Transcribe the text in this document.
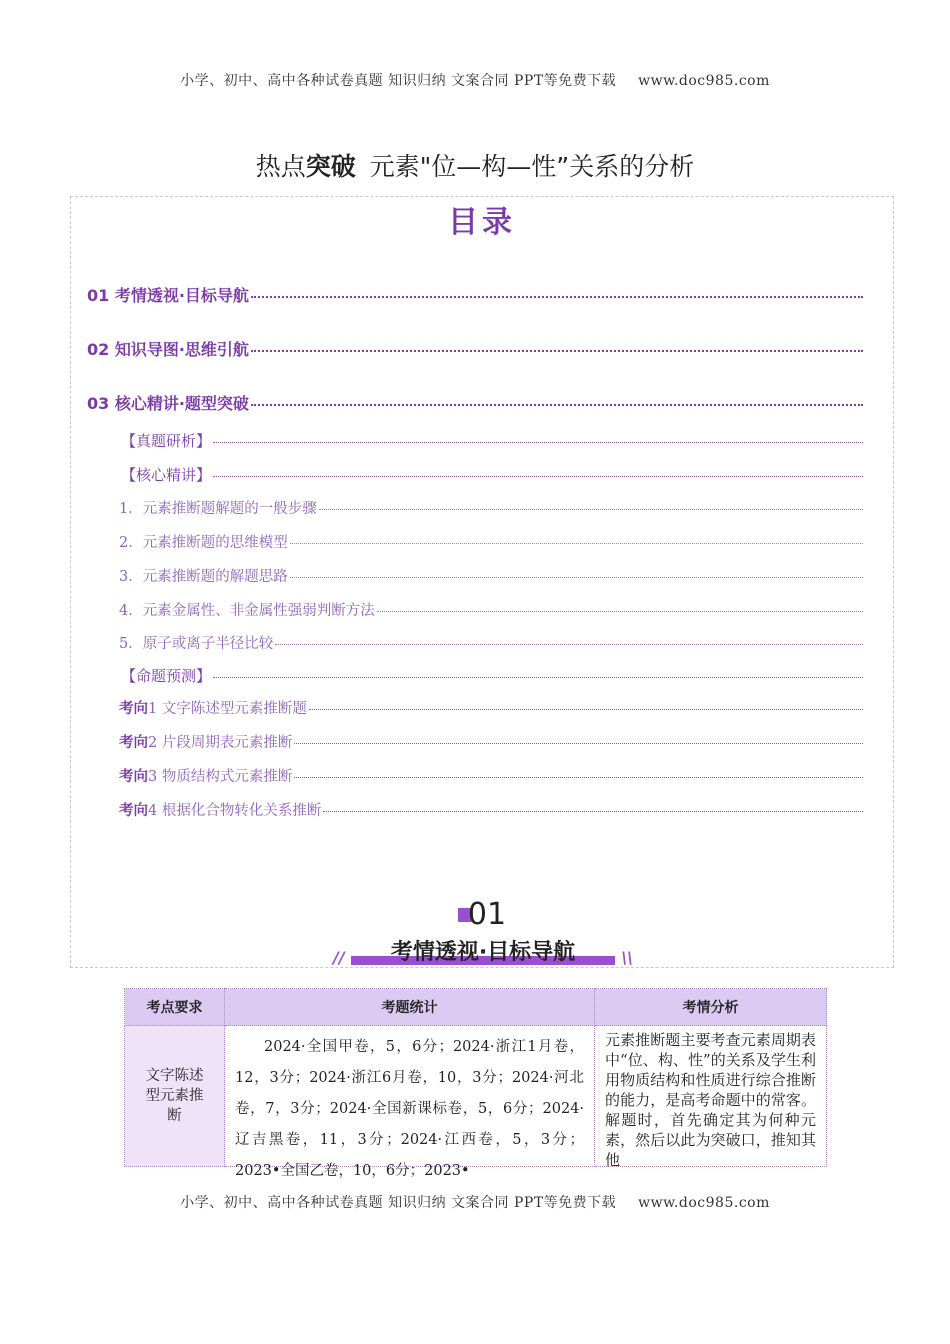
小学、初中、高中各种试卷真题 知识归纳 文案合同 PPT等免费下载 www.doc985.com
热点突破 元素"位—构—性”关系的分析
目录
01 考情透视·目标导航
02 知识导图·思维引航
03 核心精讲·题型突破
【真题研析】
【核心精讲】
1．元素推断题解题的一般步骤
2．元素推断题的思维模型
3．元素推断题的解题思路
4．元素金属性、非金属性强弱判断方法
5．原子或离子半径比较
【命题预测】
考向1 文字陈述型元素推断题
考向2 片段周期表元素推断
考向3 物质结构式元素推断
考向4 根据化合物转化关系推断
01
//	考情透视·目标导航	\\
考点要求	考题统计	考情分析

文字陈述型元素推断	2024·全国甲卷，5，6分；2024·浙江1月卷，12，3分；2024·浙江6月卷，10，3分；2024·河北卷，7，3分；2024·全国新课标卷，5，6分；2024·辽吉黑卷，11，3分；2024·江西卷，5，3分；2023•全国乙卷，10，6分；2023•	元素推断题主要考查元素周期表中“位、构、性”的关系及学生利用物质结构和性质进行综合推断的能力，是高考命题中的常客。解题时，首先确定其为何种元素，然后以此为突破口，推知其他
小学、初中、高中各种试卷真题 知识归纳 文案合同 PPT等免费下载 www.doc985.com
